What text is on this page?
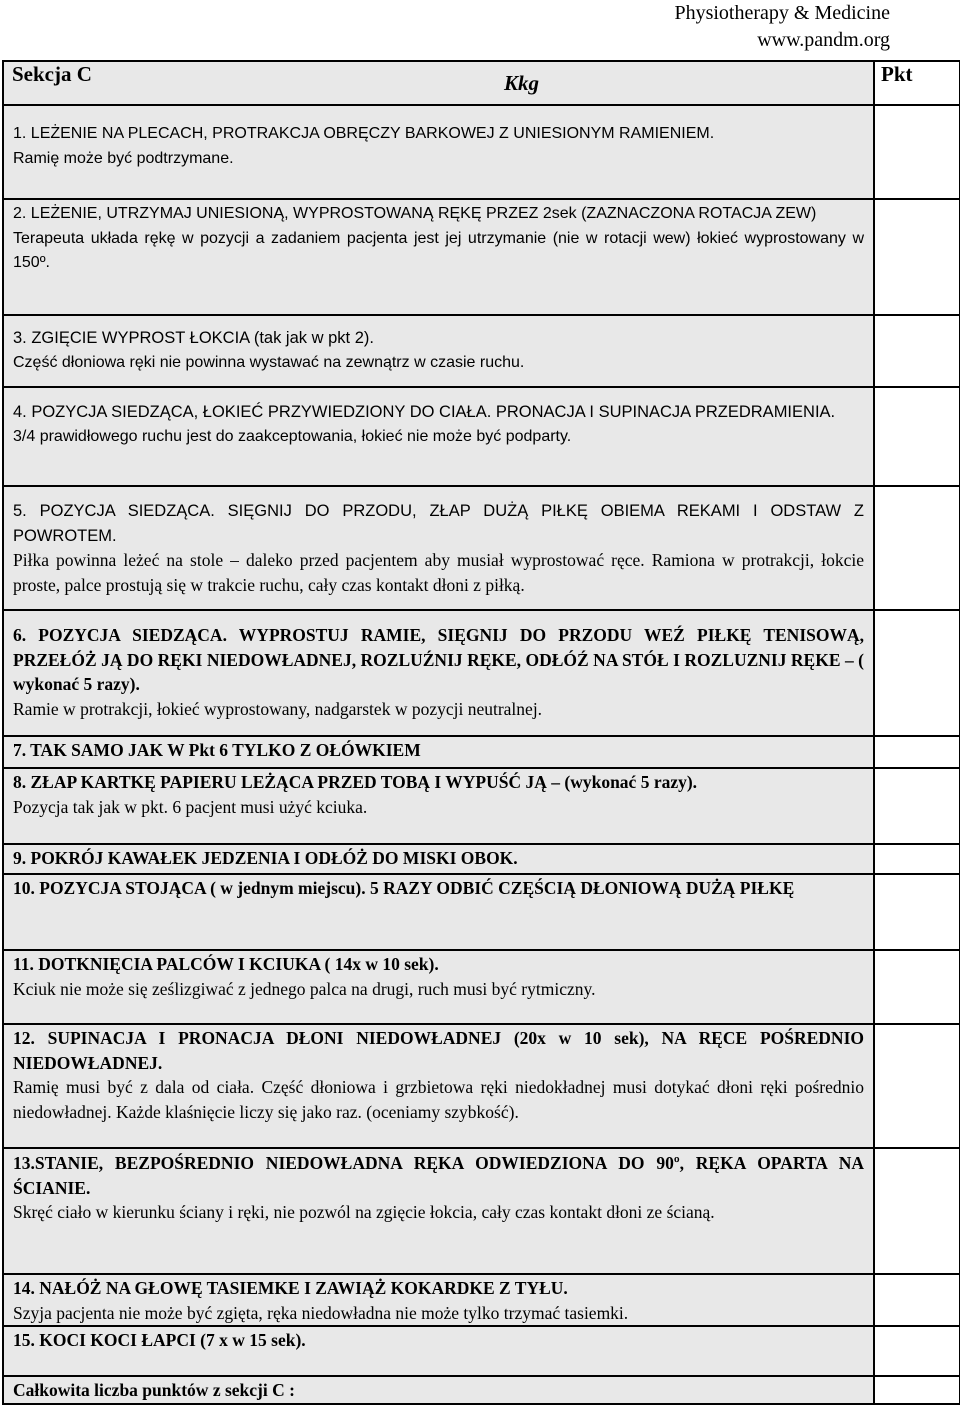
Physiotherapy & Medicine
www.pandm.org
Sekcja C Kkg	Pkt

1. LEŻENIE NA PLECACH, PROTRAKCJA OBRĘCZY BARKOWEJ Z UNIESIONYM RAMIENIEM.
Ramię może być podtrzymane.	

2. LEŻENIE, UTRZYMAJ UNIESIONĄ, WYPROSTOWANĄ RĘKĘ PRZEZ 2sek (ZAZNACZONA ROTACJA ZEW)
Terapeuta układa rękę w pozycji a zadaniem pacjenta jest jej utrzymanie (nie w rotacji wew) łokieć wyprostowany w 150º.	

3. ZGIĘCIE WYPROST ŁOKCIA (tak jak w pkt 2).
Część dłoniowa ręki nie powinna wystawać na zewnątrz w czasie ruchu.	

4. POZYCJA SIEDZĄCA, ŁOKIEĆ PRZYWIEDZIONY DO CIAŁA. PRONACJA I SUPINACJA PRZEDRAMIENIA.
3/4 prawidłowego ruchu jest do zaakceptowania, łokieć nie może być podparty.	

5. POZYCJA SIEDZĄCA. SIĘGNIJ DO PRZODU, ZŁAP DUŻĄ PIŁKĘ OBIEMA REKAMI I ODSTAW Z POWROTEM.
Piłka powinna leżeć na stole – daleko przed pacjentem aby musiał wyprostować ręce. Ramiona w protrakcji, łokcie proste, palce prostują się w trakcie ruchu, cały czas kontakt dłoni z piłką.	

6. POZYCJA SIEDZĄCA. WYPROSTUJ RAMIE, SIĘGNIJ DO PRZODU WEŹ PIŁKĘ TENISOWĄ, PRZEŁÓŻ JĄ DO RĘKI NIEDOWŁADNEJ, ROZLUŹNIJ RĘKE, ODŁÓŹ NA STÓŁ I ROZLUZNIJ RĘKE – ( wykonać 5 razy).
Ramie w protrakcji, łokieć wyprostowany, nadgarstek w pozycji neutralnej.	

7. TAK SAMO JAK W Pkt 6 TYLKO Z OŁÓWKIEM	

8. ZŁAP KARTKĘ PAPIERU LEŻĄCA PRZED TOBĄ I WYPUŚĆ JĄ – (wykonać 5 razy).
Pozycja tak jak w pkt. 6 pacjent musi użyć kciuka.	

9. POKRÓJ KAWAŁEK JEDZENIA I ODŁÓŻ DO MISKI OBOK.	

10. POZYCJA STOJĄCA ( w jednym miejscu). 5 RAZY ODBIĆ CZĘŚCIĄ DŁONIOWĄ DUŻĄ PIŁKĘ	

11. DOTKNIĘCIA PALCÓW I KCIUKA ( 14x w 10 sek).
Kciuk nie może się ześlizgiwać z jednego palca na drugi, ruch musi być rytmiczny.	

12. SUPINACJA I PRONACJA DŁONI NIEDOWŁADNEJ (20x w 10 sek), NA RĘCE POŚREDNIO NIEDOWŁADNEJ.
Ramię musi być z dala od ciała. Część dłoniowa i grzbietowa ręki niedokładnej musi dotykać dłoni ręki pośrednio niedowładnej. Każde klaśnięcie liczy się jako raz. (oceniamy szybkość).	

13.STANIE, BEZPOŚREDNIO NIEDOWŁADNA RĘKA ODWIEDZIONA DO 90º, RĘKA OPARTA NA ŚCIANIE.
Skręć ciało w kierunku ściany i ręki, nie pozwól na zgięcie łokcia, cały czas kontakt dłoni ze ścianą.	

14. NAŁÓŻ NA GŁOWĘ TASIEMKE I ZAWIĄŻ KOKARDKE Z TYŁU.
Szyja pacjenta nie może być zgięta, ręka niedowładna nie może tylko trzymać tasiemki.	

15. KOCI KOCI ŁAPCI (7 x w 15 sek).	

Całkowita liczba punktów z sekcji C :	
